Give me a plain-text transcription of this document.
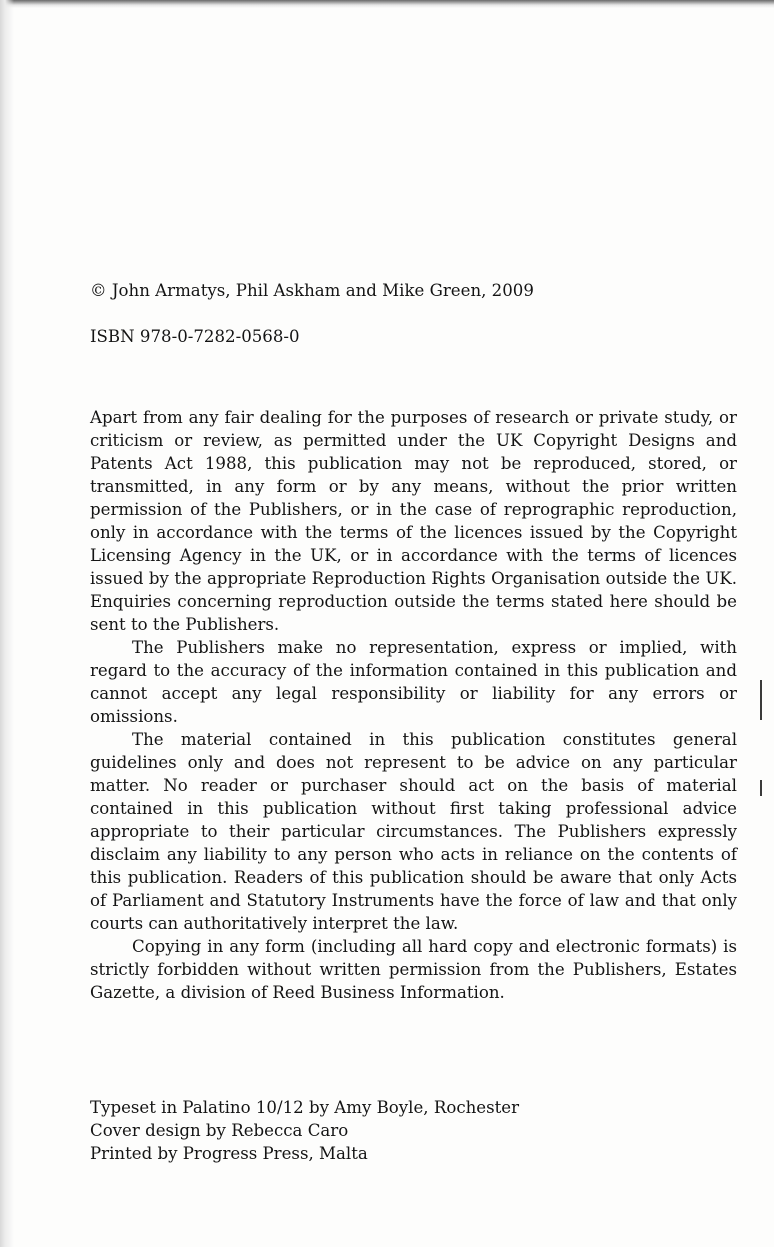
© John Armatys, Phil Askham and Mike Green, 2009
ISBN 978-0-7282-0568-0

Apart from any fair dealing for the purposes of research or private study, or criticism or review, as permitted under the UK Copyright Designs and Patents Act 1988, this publication may not be reproduced, stored, or transmitted, in any form or by any means, without the prior written permission of the Publishers, or in the case of reprographic reproduction, only in accordance with the terms of the licences issued by the Copyright Licensing Agency in the UK, or in accordance with the terms of licences issued by the appropriate Reproduction Rights Organisation outside the UK. Enquiries concerning reproduction outside the terms stated here should be sent to the Publishers.

The Publishers make no representation, express or implied, with regard to the accuracy of the information contained in this publication and cannot accept any legal responsibility or liability for any errors or omissions.

The material contained in this publication constitutes general guidelines only and does not represent to be advice on any particular matter. No reader or purchaser should act on the basis of material contained in this publication without first taking professional advice appropriate to their particular circumstances. The Publishers expressly disclaim any liability to any person who acts in reliance on the contents of this publication. Readers of this publication should be aware that only Acts of Parliament and Statutory Instruments have the force of law and that only courts can authoritatively interpret the law.

Copying in any form (including all hard copy and electronic formats) is strictly forbidden without written permission from the Publishers, Estates Gazette, a division of Reed Business Information.

Typeset in Palatino 10/12 by Amy Boyle, Rochester
Cover design by Rebecca Caro
Printed by Progress Press, Malta
